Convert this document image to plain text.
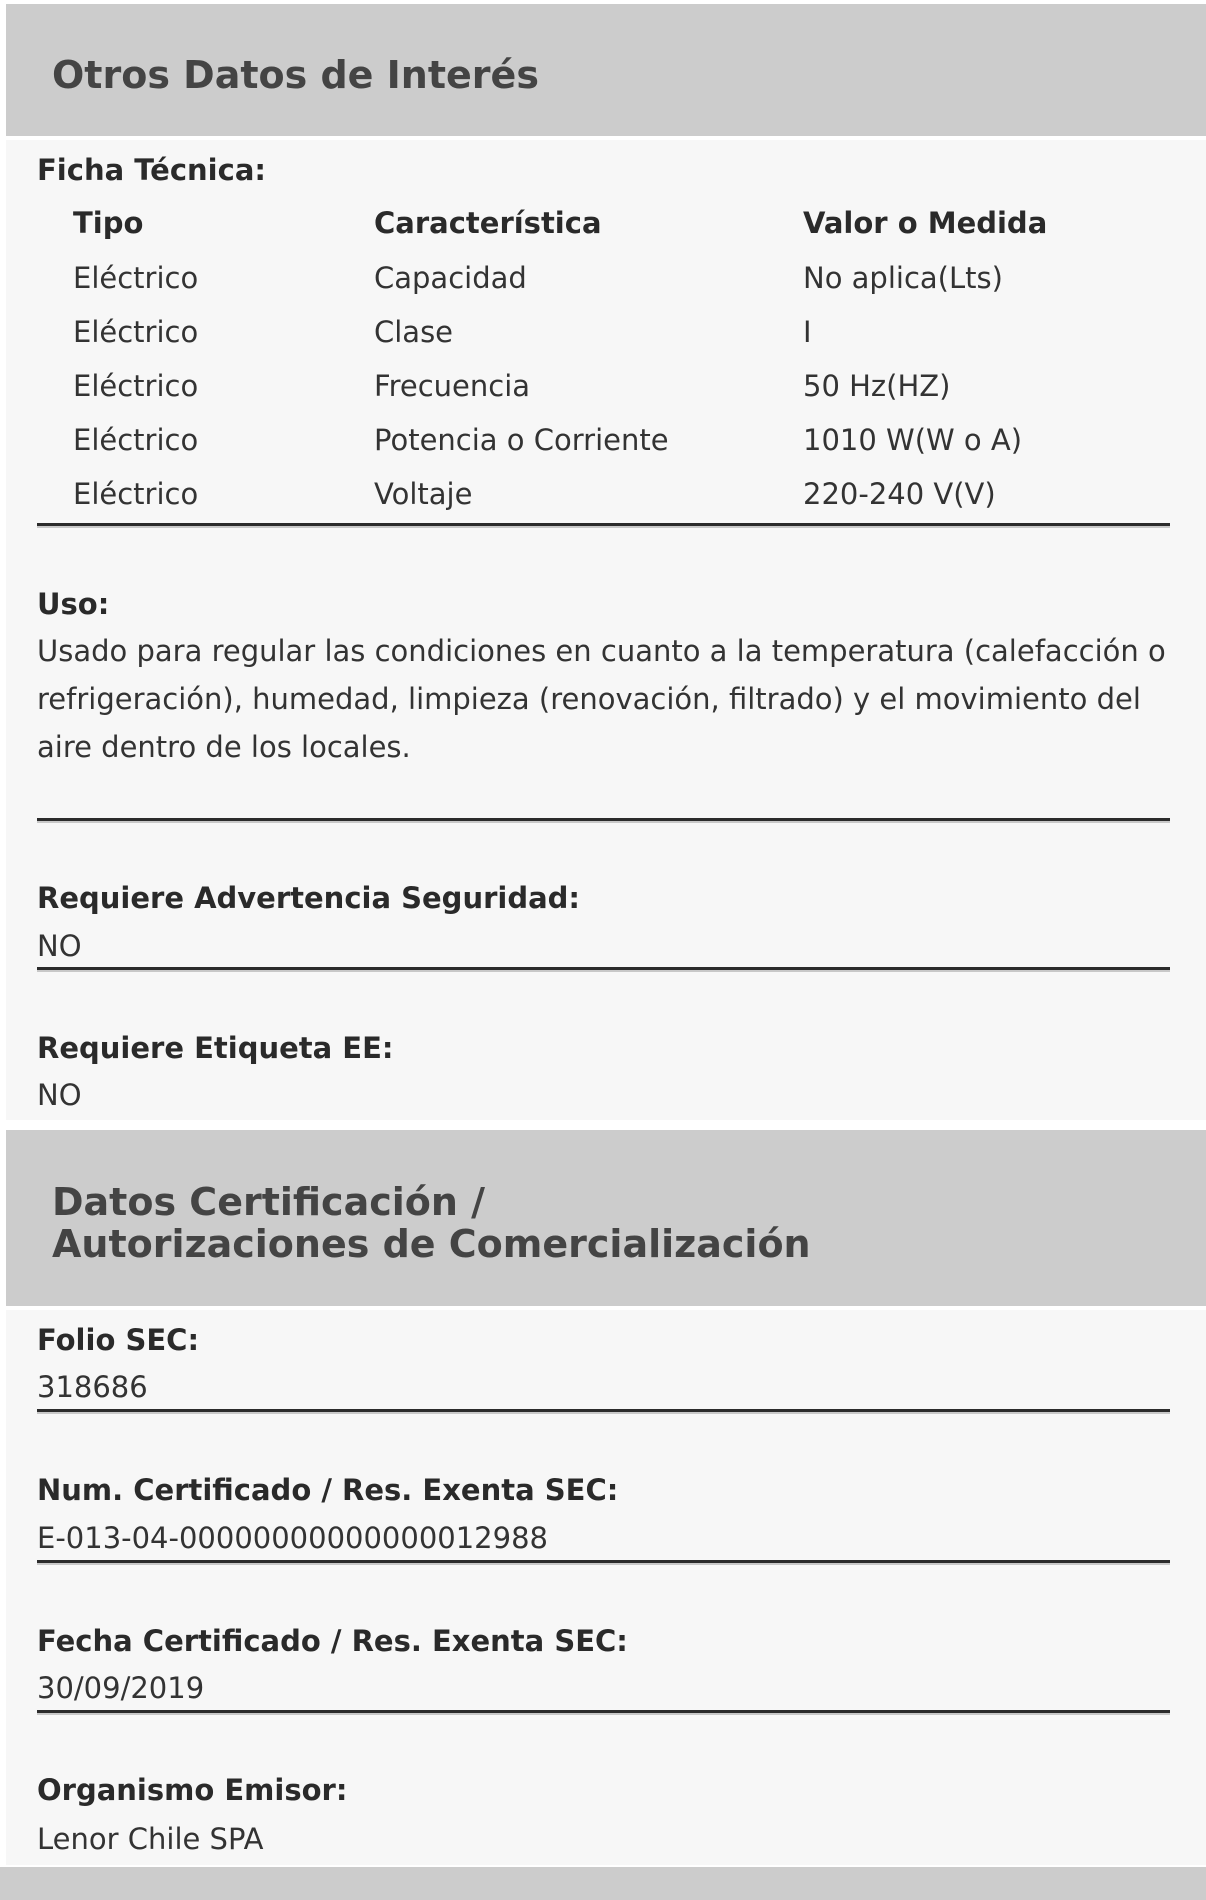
Otros Datos de Interés
Ficha Técnica:
Tipo	Característica	Valor o Medida
Eléctrico	Capacidad	No aplica(Lts)
Eléctrico	Clase	I
Eléctrico	Frecuencia	50 Hz(HZ)
Eléctrico	Potencia o Corriente	1010 W(W o A)
Eléctrico	Voltaje	220-240 V(V)
Uso:
Usado para regular las condiciones en cuanto a la temperatura (calefacción o refrigeración), humedad, limpieza (renovación, filtrado) y el movimiento del aire dentro de los locales.
Requiere Advertencia Seguridad:
NO
Requiere Etiqueta EE:
NO
Datos Certificación /
Autorizaciones de Comercialización
Folio SEC:
318686
Num. Certificado / Res. Exenta SEC:
E-013-04-00000000000000012988
Fecha Certificado / Res. Exenta SEC:
30/09/2019
Organismo Emisor:
Lenor Chile SPA
